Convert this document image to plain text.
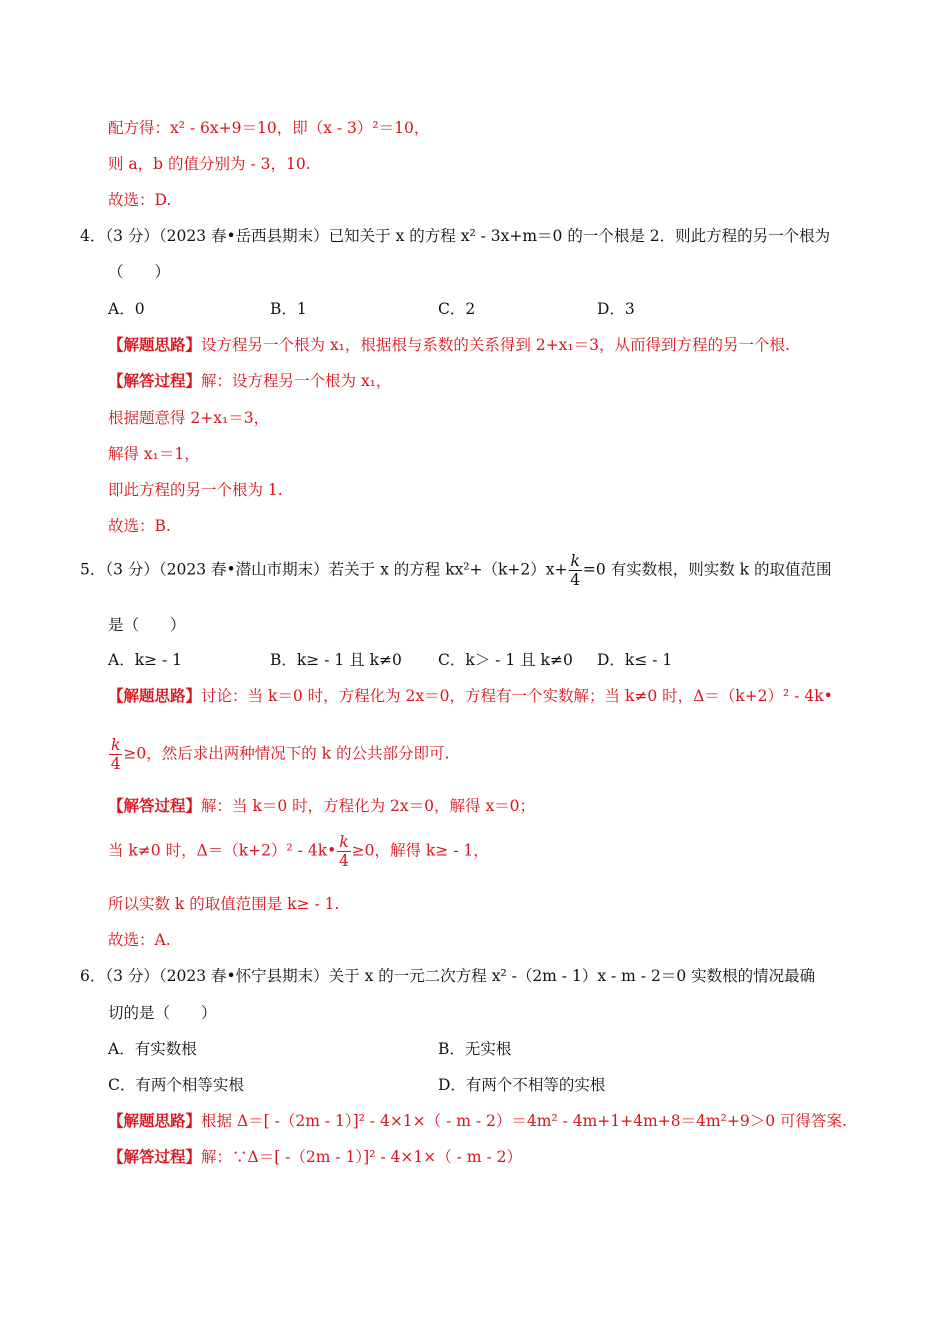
配方得：x² - 6x+9＝10，即（x - 3）²＝10，
则 a，b 的值分别为 - 3，10.
故选：D.
4．（3 分）（2023 春•岳西县期末）已知关于 x 的方程 x² - 3x+m＝0 的一个根是 2．则此方程的另一个根为
（　　）
A．0	B．1	C．2	D．3
【解题思路】设方程另一个根为 x₁，根据根与系数的关系得到 2+x₁＝3，从而得到方程的另一个根.
【解答过程】解：设方程另一个根为 x₁，
根据题意得 2+x₁＝3，
解得 x₁＝1，
即此方程的另一个根为 1.
故选：B.
5．（3 分）（2023 春•潜山市期末）若关于 x 的方程 $kx^2+(k+2)x+ \frac{k}{4} =0$ 有实数根，则实数 k 的取值范围
是（　　）
A．k≥ - 1	B．k≥ - 1 且 k≠0 C．k＞ - 1 且 k≠0 D．k≤ - 1
【解题思路】讨论：当 k＝0 时，方程化为 2x＝0，方程有一个实数解；当 k≠0 时，Δ＝（k+2）² - 4k•
$\frac{k}{4} \ge 0$，然后求出两种情况下的 k 的公共部分即可.
【解答过程】解：当 k＝0 时，方程化为 2x＝0，解得 x＝0；
当 k≠0 时，Δ＝（k+2）² - 4k• $\frac{k}{4} \ge 0$，解得 k≥ - 1，
所以实数 k 的取值范围是 k≥ - 1.
故选：A.
6．（3 分）（2023 春•怀宁县期末）关于 x 的一元二次方程 x² -（2m - 1）x - m - 2＝0 实数根的情况最确
切的是（　　）
A．有实数根	B．无实根
C．有两个相等实根	D．有两个不相等的实根
【解题思路】根据 Δ＝[ -（2m - 1）]² - 4×1×（ - m - 2）＝4m² - 4m+1+4m+8＝4m²+9＞0 可得答案.
【解答过程】解：∵Δ＝[ -（2m - 1）]² - 4×1×（ - m - 2）
